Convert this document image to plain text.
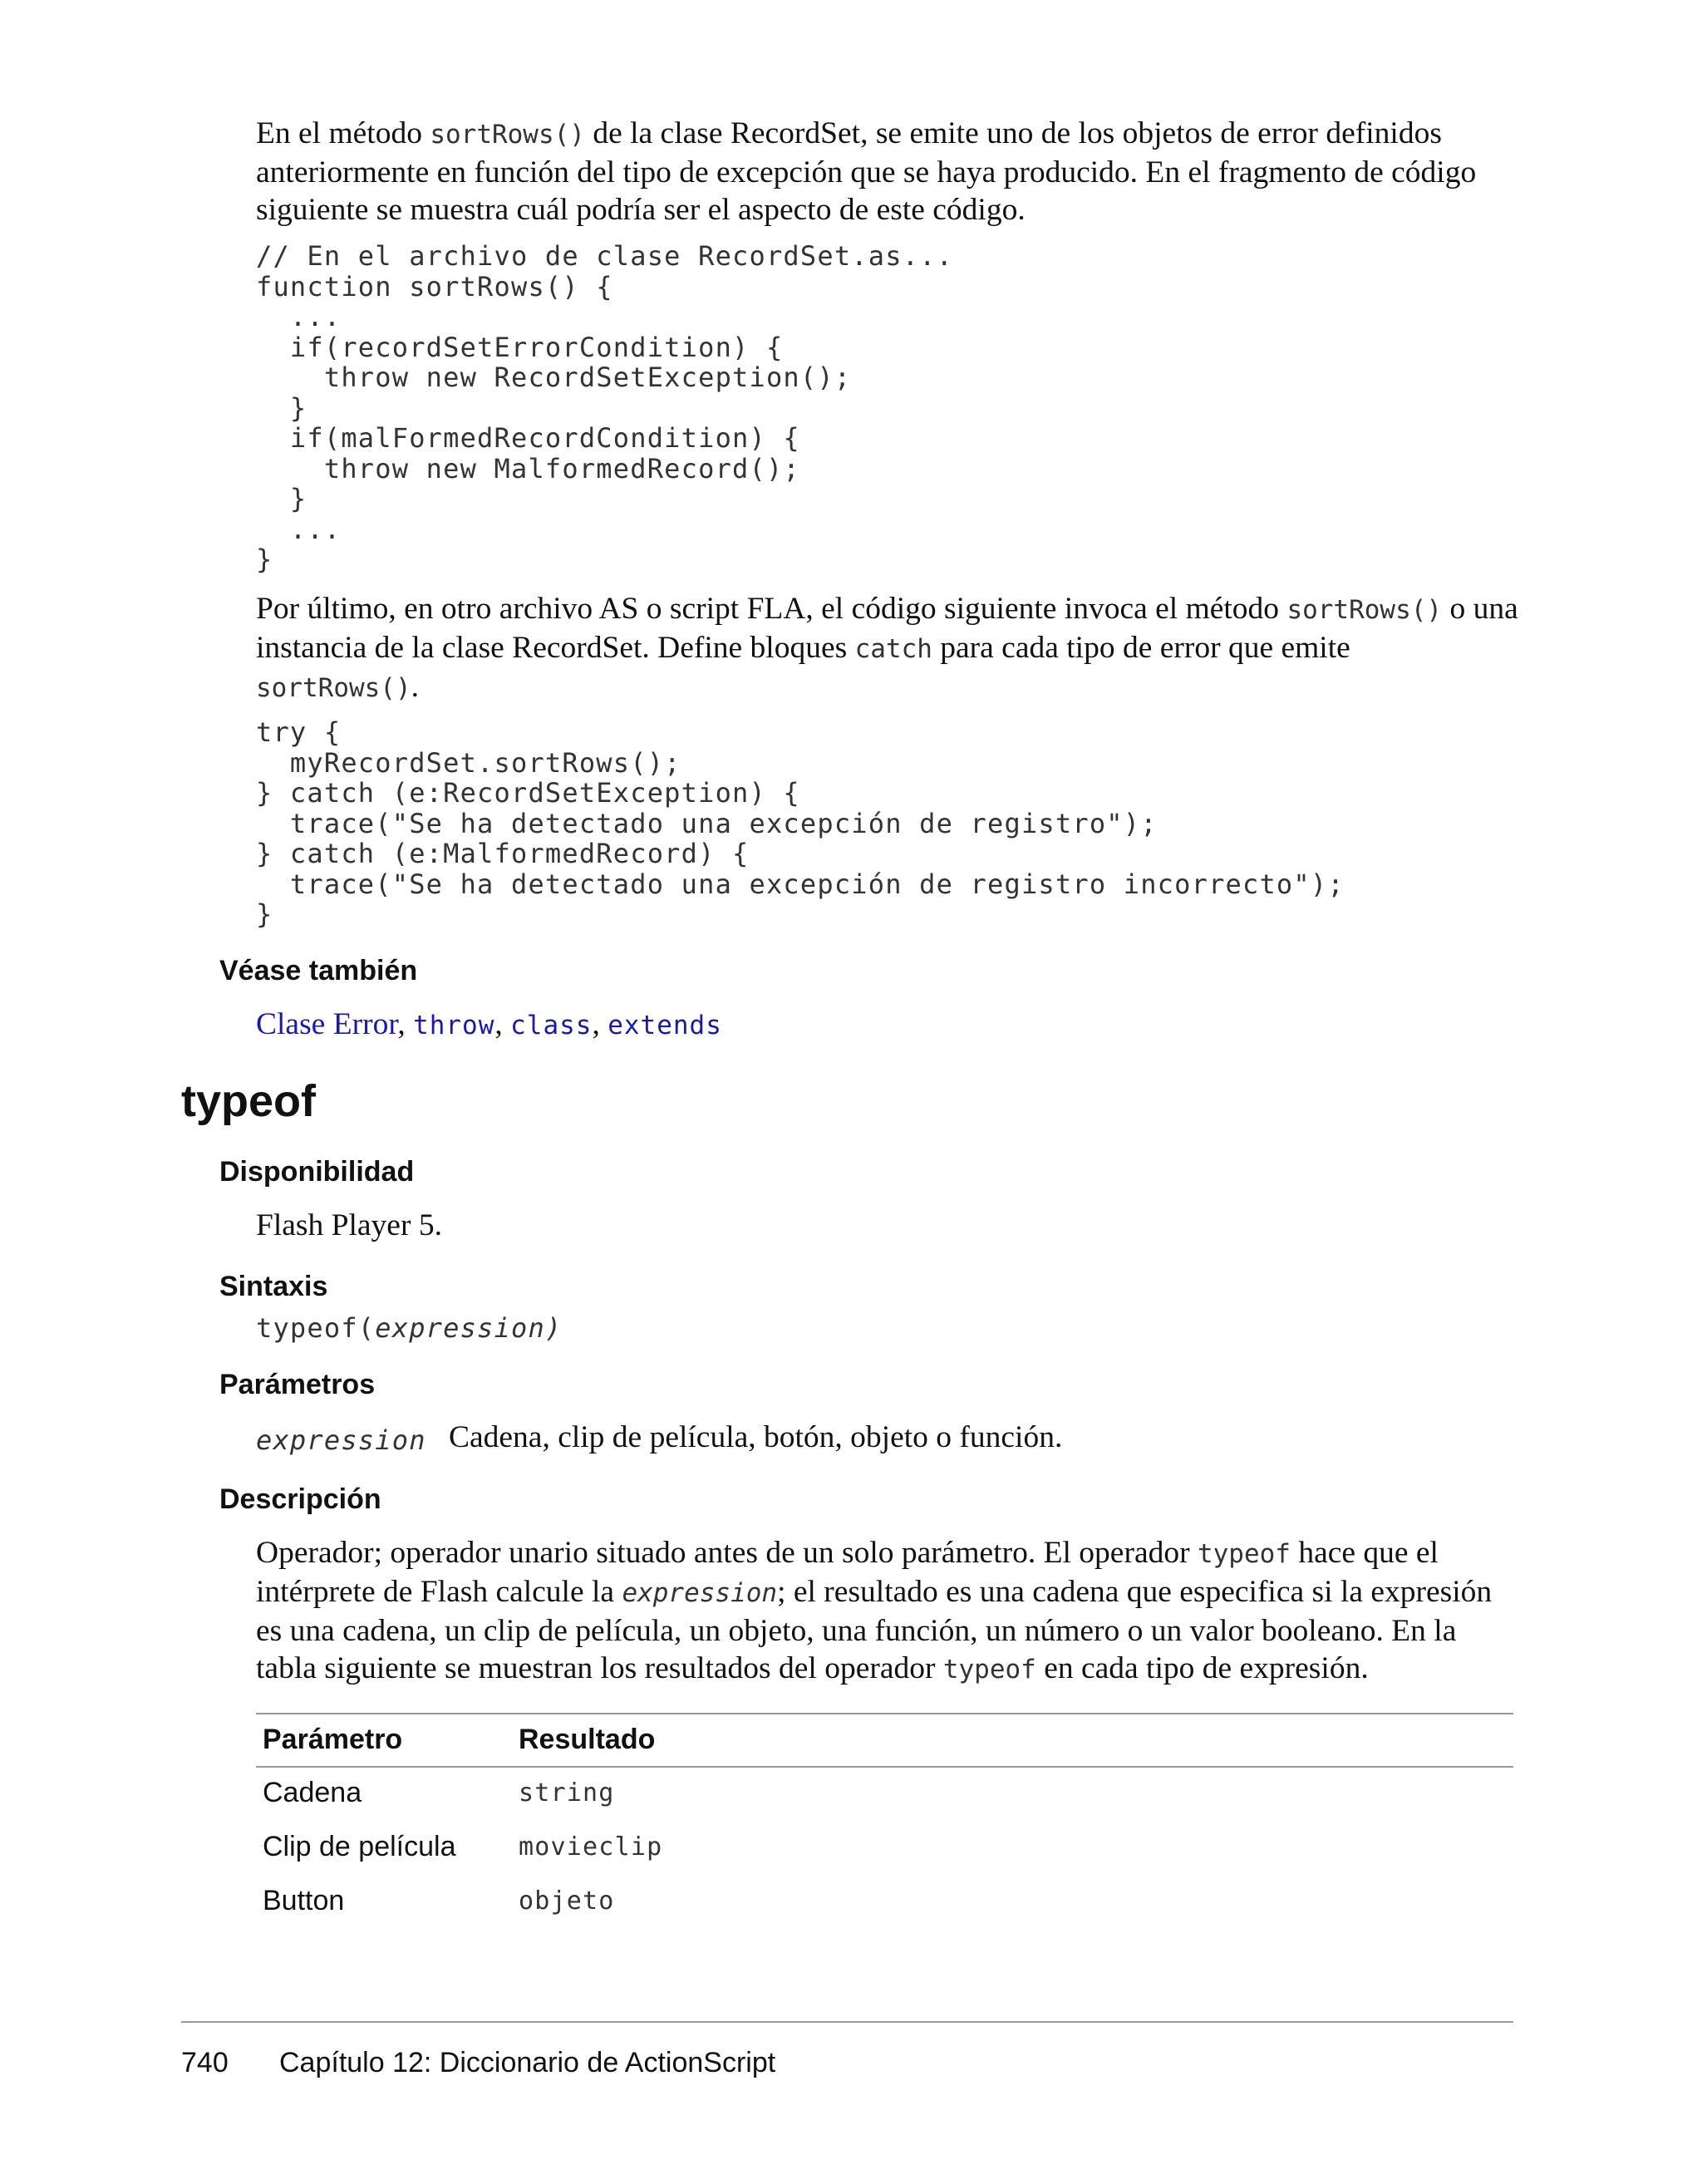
En el método sortRows() de la clase RecordSet, se emite uno de los objetos de error definidos anteriormente en función del tipo de excepción que se haya producido. En el fragmento de código siguiente se muestra cuál podría ser el aspecto de este código.

// En el archivo de clase RecordSet.as...
function sortRows() {
...
if(recordSetErrorCondition) {
throw new RecordSetException();
}
if(malFormedRecordCondition) {
throw new MalformedRecord();
}
...
}

Por último, en otro archivo AS o script FLA, el código siguiente invoca el método sortRows() o una instancia de la clase RecordSet. Define bloques catch para cada tipo de error que emite sortRows().

try {
myRecordSet.sortRows();
} catch (e:RecordSetException) {
trace("Se ha detectado una excepción de registro");
} catch (e:MalformedRecord) {
trace("Se ha detectado una excepción de registro incorrecto");
}
Véase también

Clase Error, throw, class, extends

typeof
Disponibilidad

Flash Player 5.

Sintaxis

typeof(expression)

Parámetros
expression Cadena, clip de película, botón, objeto o función.
Descripción

Operador; operador unario situado antes de un solo parámetro. El operador typeof hace que el intérprete de Flash calcule la expression; el resultado es una cadena que especifica si la expresión es una cadena, un clip de película, un objeto, una función, un número o un valor booleano. En la tabla siguiente se muestran los resultados del operador typeof en cada tipo de expresión.

Parámetro	Resultado
Cadena	string
Clip de película	movieclip
Button	objeto
740 Capítulo 12: Diccionario de ActionScript
